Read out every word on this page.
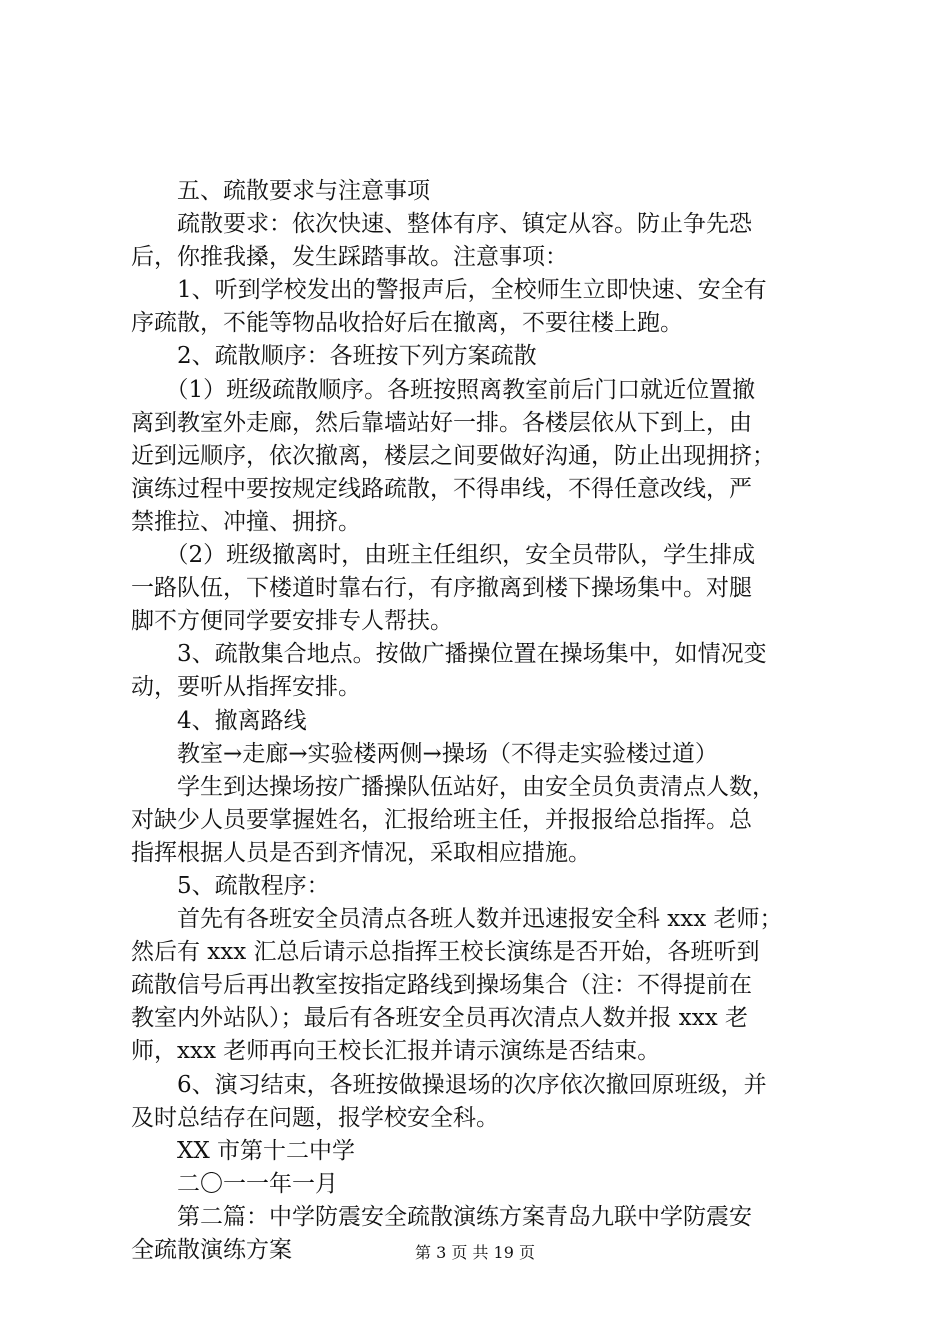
　　五、疏散要求与注意事项
　　疏散要求：依次快速、整体有序、镇定从容。防止争先恐
后，你推我搡，发生踩踏事故。注意事项：
　　1、听到学校发出的警报声后，全校师生立即快速、安全有
序疏散，不能等物品收拾好后在撤离，不要往楼上跑。
　　2、疏散顺序：各班按下列方案疏散
　　（1）班级疏散顺序。各班按照离教室前后门口就近位置撤
离到教室外走廊，然后靠墙站好一排。各楼层依从下到上，由
近到远顺序，依次撤离，楼层之间要做好沟通，防止出现拥挤；
演练过程中要按规定线路疏散，不得串线，不得任意改线，严
禁推拉、冲撞、拥挤。
　　（2）班级撤离时，由班主任组织，安全员带队，学生排成
一路队伍，下楼道时靠右行，有序撤离到楼下操场集中。对腿
脚不方便同学要安排专人帮扶。
　　3、疏散集合地点。按做广播操位置在操场集中，如情况变
动，要听从指挥安排。
　　4、撤离路线
　　教室→走廊→实验楼两侧→操场（不得走实验楼过道）
　　学生到达操场按广播操队伍站好，由安全员负责清点人数，
对缺少人员要掌握姓名，汇报给班主任，并报报给总指挥。总
指挥根据人员是否到齐情况，采取相应措施。
　　5、疏散程序：
　　首先有各班安全员清点各班人数并迅速报安全科 xxx 老师；
然后有 xxx 汇总后请示总指挥王校长演练是否开始，各班听到
疏散信号后再出教室按指定路线到操场集合（注：不得提前在
教室内外站队）；最后有各班安全员再次清点人数并报 xxx 老
师，xxx 老师再向王校长汇报并请示演练是否结束。
　　6、演习结束，各班按做操退场的次序依次撤回原班级，并
及时总结存在问题，报学校安全科。
　　XX 市第十二中学
　　二〇一一年一月
　　第二篇：中学防震安全疏散演练方案青岛九联中学防震安
全疏散演练方案	第 3 页 共 19 页
